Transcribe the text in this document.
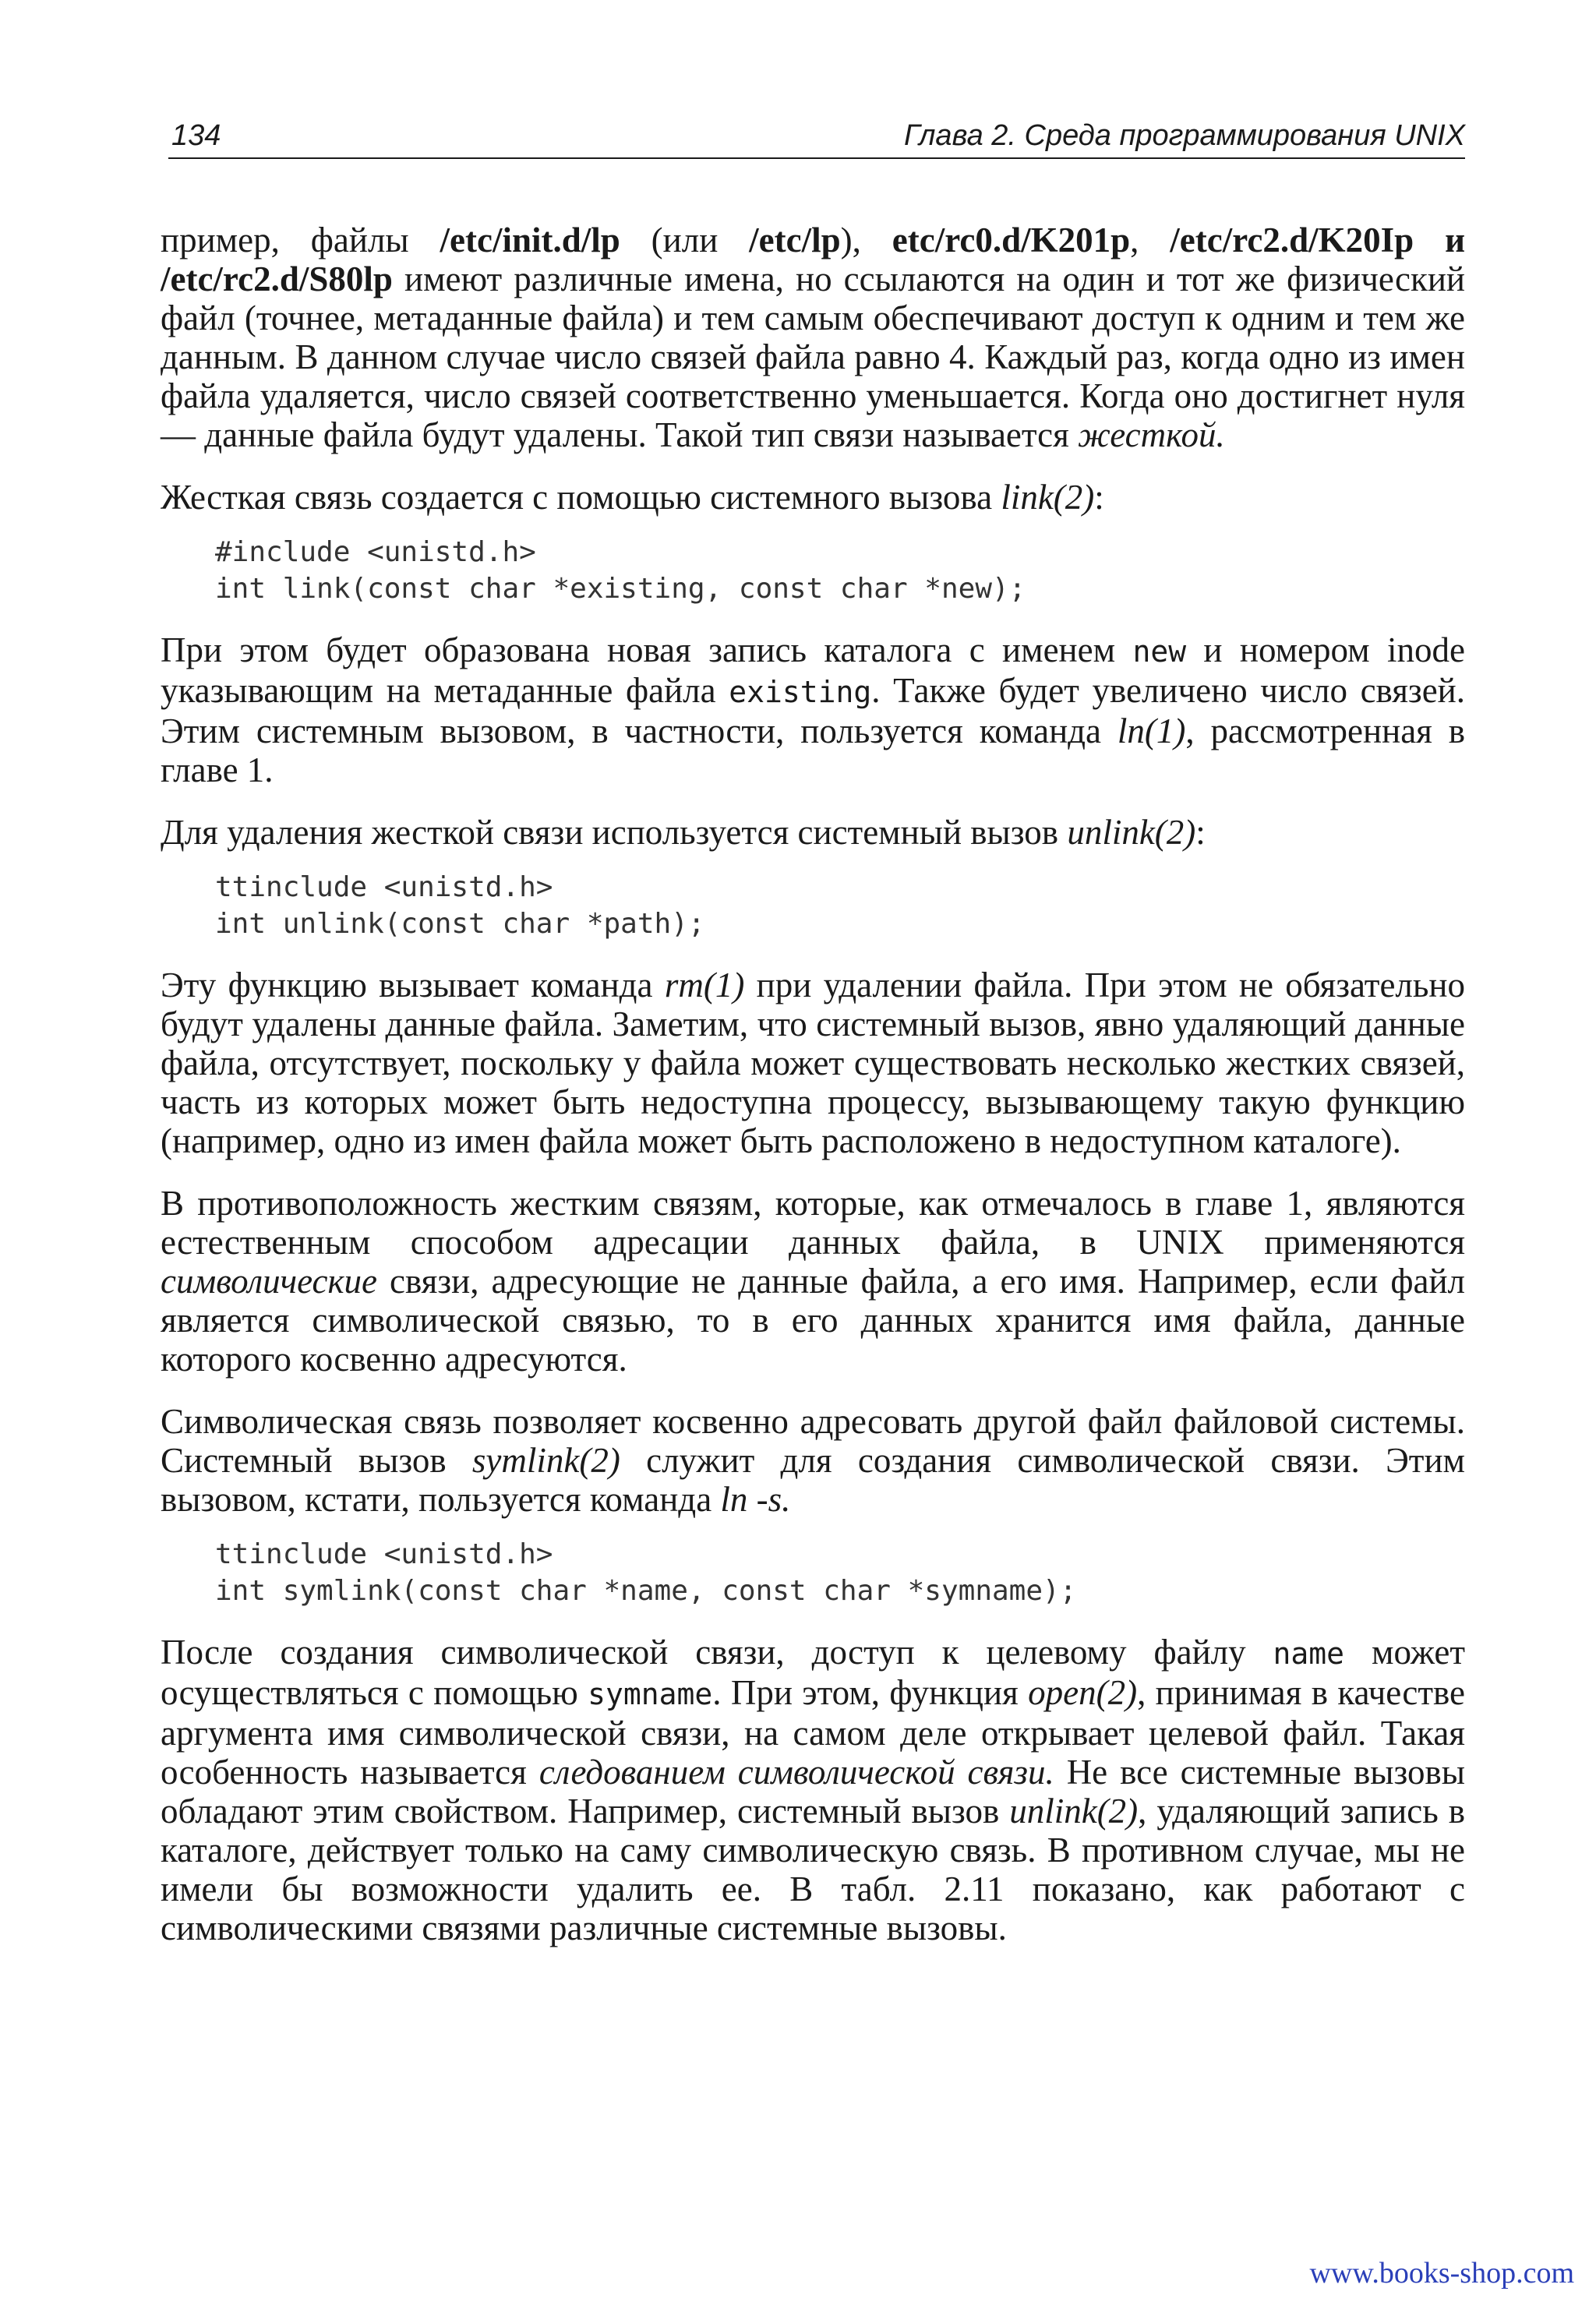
134	Глава 2. Среда программирования UNIX

пример, файлы /etc/init.d/lp (или /etc/lp), etc/rc0.d/K201p, /etc/rc2.d/K20Ip и /etc/rc2.d/S80lp имеют различные имена, но ссылаются на один и тот же физический файл (точнее, метаданные файла) и тем самым обеспечивают доступ к одним и тем же данным. В данном случае число связей файла равно 4. Каждый раз, когда одно из имен файла удаляется, число связей соответственно уменьшается. Когда оно достигнет нуля — данные файла будут удалены. Такой тип связи называется жесткой.

Жесткая связь создается с помощью системного вызова link(2):

#include <unistd.h>
int link(const char *existing, const char *new);

При этом будет образована новая запись каталога с именем new и номером inode указывающим на метаданные файла existing. Также будет увеличено число связей. Этим системным вызовом, в частности, пользуется команда ln(1), рассмотренная в главе 1.

Для удаления жесткой связи используется системный вызов unlink(2):

ttinclude <unistd.h>
int unlink(const char *path);

Эту функцию вызывает команда rm(1) при удалении файла. При этом не обязательно будут удалены данные файла. Заметим, что системный вызов, явно удаляющий данные файла, отсутствует, поскольку у файла может существовать несколько жестких связей, часть из которых может быть недоступна процессу, вызывающему такую функцию (например, одно из имен файла может быть расположено в недоступном каталоге).

В противоположность жестким связям, которые, как отмечалось в главе 1, являются естественным способом адресации данных файла, в UNIX применяются символические связи, адресующие не данные файла, а его имя. Например, если файл является символической связью, то в его данных хранится имя файла, данные которого косвенно адресуются.

Символическая связь позволяет косвенно адресовать другой файл файловой системы. Системный вызов symlink(2) служит для создания символической связи. Этим вызовом, кстати, пользуется команда ln -s.

ttinclude <unistd.h>
int symlink(const char *name, const char *symname);

После создания символической связи, доступ к целевому файлу name может осуществляться с помощью symname. При этом, функция open(2), принимая в качестве аргумента имя символической связи, на самом деле открывает целевой файл. Такая особенность называется следованием символической связи. Не все системные вызовы обладают этим свойством. Например, системный вызов unlink(2), удаляющий запись в каталоге, действует только на саму символическую связь. В противном случае, мы не имели бы возможности удалить ее. В табл. 2.11 показано, как работают с символическими связями различные системные вызовы.

www.books-shop.com
